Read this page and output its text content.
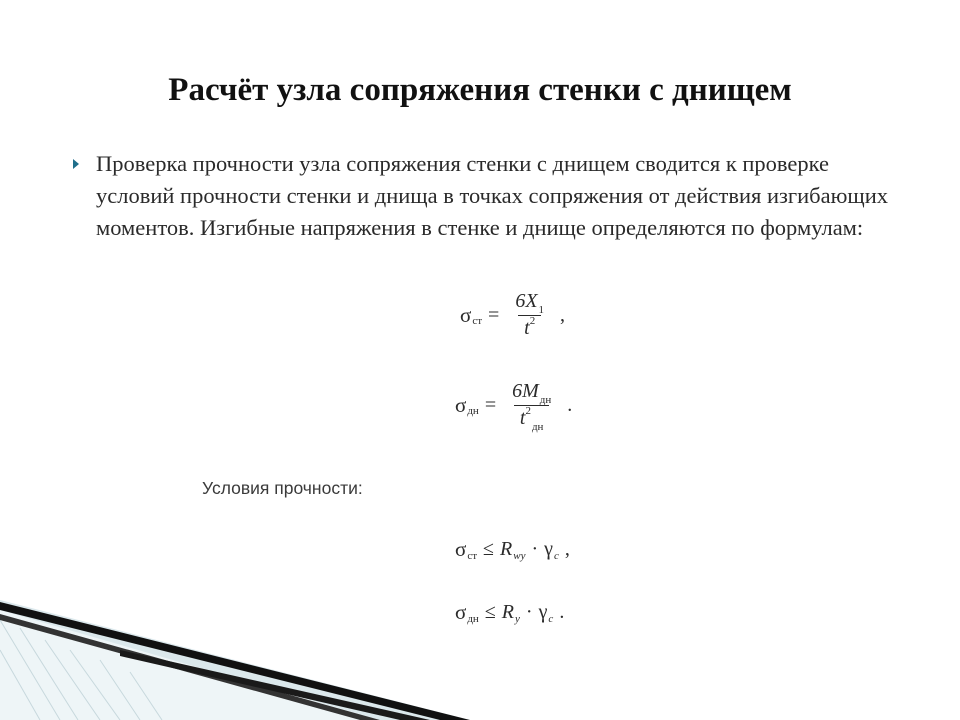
Расчёт узла сопряжения стенки с днищем
Проверка прочности узла сопряжения стенки с днищем сводится к проверке условий прочности стенки и днища в точках сопряжения от действия изгибающих моментов. Изгибные напряжения в стенке и днище определяются по формулам:
σ ст = $\frac{6X_1}{t^2}$ ,
σ дн = $\frac{6M_{дн}}{t^2_{дн}}$ .
Условия прочности:
σ ст ≤ R wy · γ c ,
σ дн ≤ R y · γ c .
